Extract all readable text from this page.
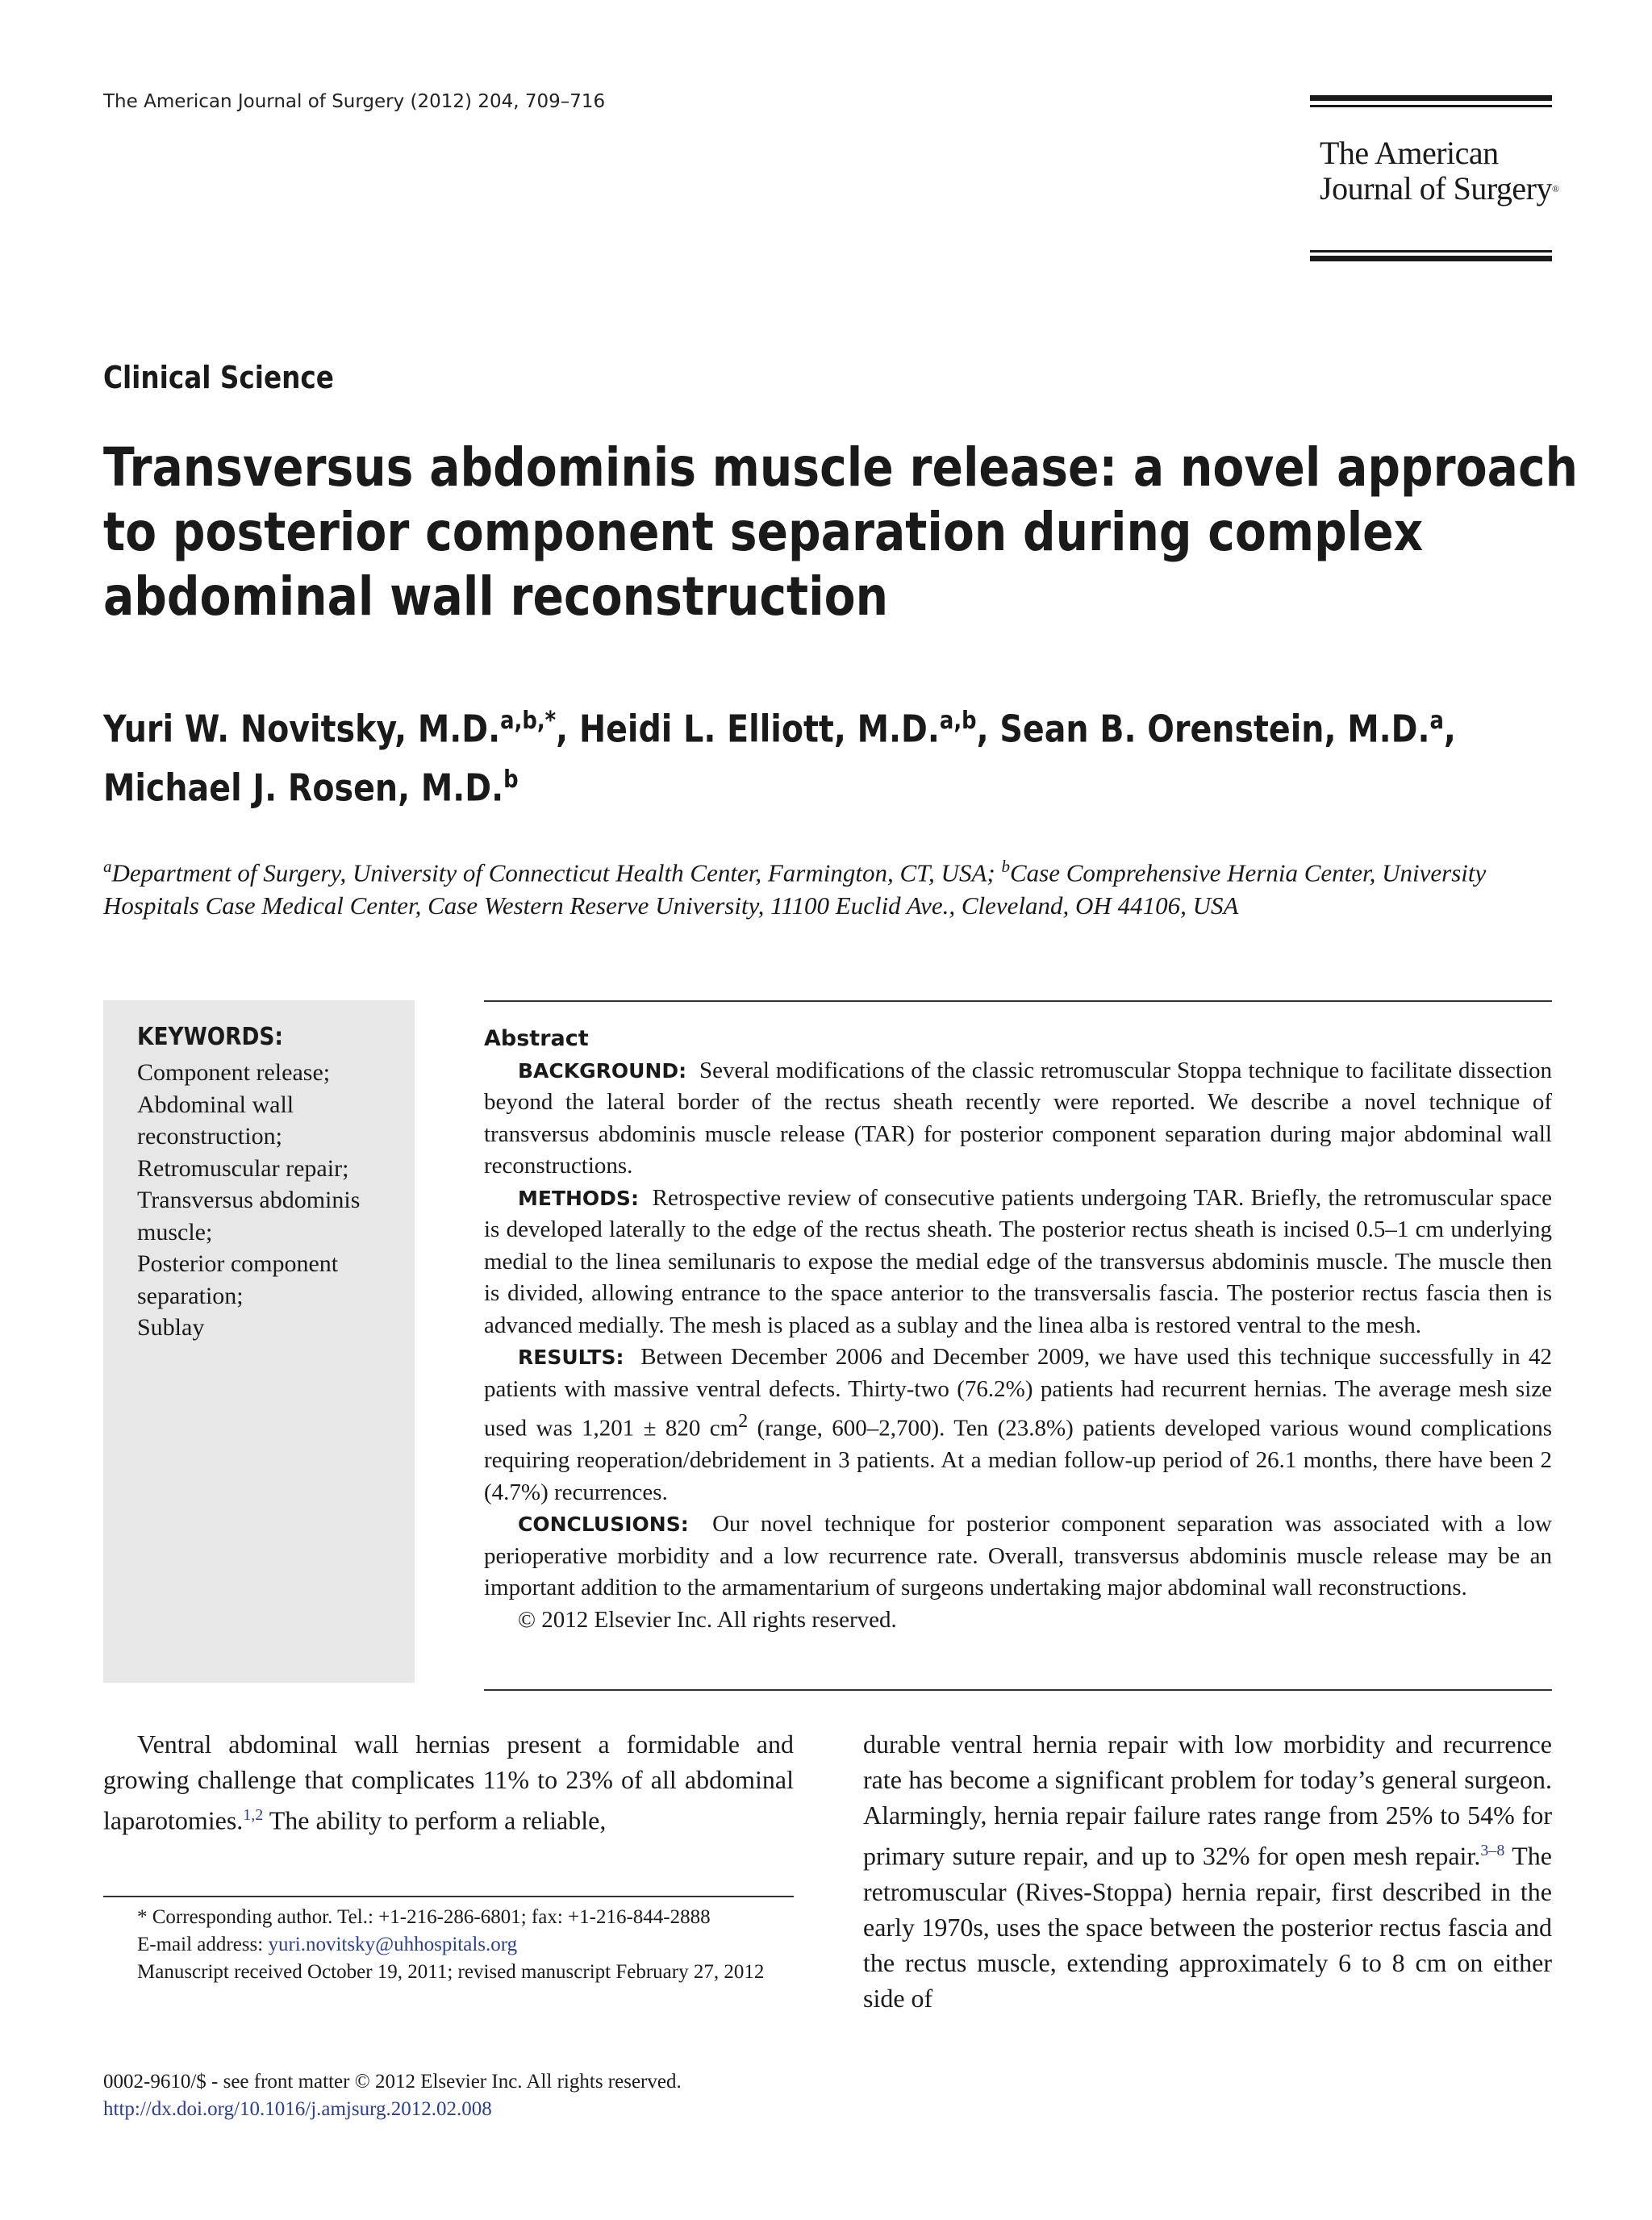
The American Journal of Surgery (2012) 204, 709–716
The American
Journal of Surgery®
Clinical Science
Transversus abdominis muscle release: a novel approach to posterior component separation during complex abdominal wall reconstruction
Yuri W. Novitsky, M.D.$^{a,b,*}$, Heidi L. Elliott, M.D.$^{a,b}$, Sean B. Orenstein, M.D.$^a$,
Michael J. Rosen, M.D.$^b$
$^a$Department of Surgery, University of Connecticut Health Center, Farmington, CT, USA; $^b$Case Comprehensive Hernia Center, University Hospitals Case Medical Center, Case Western Reserve University, 11100 Euclid Ave., Cleveland, OH 44106, USA
KEYWORDS:
Component release;
Abdominal wall
reconstruction;
Retromuscular repair;
Transversus abdominis
muscle;
Posterior component
separation;
Sublay
Abstract

BACKGROUND: Several modifications of the classic retromuscular Stoppa technique to facilitate dissection beyond the lateral border of the rectus sheath recently were reported. We describe a novel technique of transversus abdominis muscle release (TAR) for posterior component separation during major abdominal wall reconstructions.

METHODS: Retrospective review of consecutive patients undergoing TAR. Briefly, the retromuscular space is developed laterally to the edge of the rectus sheath. The posterior rectus sheath is incised 0.5–1 cm underlying medial to the linea semilunaris to expose the medial edge of the transversus abdominis muscle. The muscle then is divided, allowing entrance to the space anterior to the transversalis fascia. The posterior rectus fascia then is advanced medially. The mesh is placed as a sublay and the linea alba is restored ventral to the mesh.

RESULTS: Between December 2006 and December 2009, we have used this technique successfully in 42 patients with massive ventral defects. Thirty-two (76.2%) patients had recurrent hernias. The average mesh size used was 1,201 ± 820 $cm^2$ (range, 600–2,700). Ten (23.8%) patients developed various wound complications requiring reoperation/debridement in 3 patients. At a median follow-up period of 26.1 months, there have been 2 (4.7%) recurrences.

CONCLUSIONS: Our novel technique for posterior component separation was associated with a low perioperative morbidity and a low recurrence rate. Overall, transversus abdominis muscle release may be an important addition to the armamentarium of surgeons undertaking major abdominal wall reconstructions.

© 2012 Elsevier Inc. All rights reserved.

Ventral abdominal wall hernias present a formidable and growing challenge that complicates 11% to 23% of all abdominal laparotomies.$^{1,2}$ The ability to perform a reliable,

durable ventral hernia repair with low morbidity and recurrence rate has become a significant problem for today’s general surgeon. Alarmingly, hernia repair failure rates range from 25% to 54% for primary suture repair, and up to 32% for open mesh repair.$^{3-8}$ The retromuscular (Rives-Stoppa) hernia repair, first described in the early 1970s, uses the space between the posterior rectus fascia and the rectus muscle, extending approximately 6 to 8 cm on either side of

* Corresponding author. Tel.: +1-216-286-6801; fax: +1-216-844-2888

E-mail address: yuri.novitsky@uhhospitals.org

Manuscript received October 19, 2011; revised manuscript February 27, 2012

0002-9610/$ - see front matter © 2012 Elsevier Inc. All rights reserved.
http://dx.doi.org/10.1016/j.amjsurg.2012.02.008
